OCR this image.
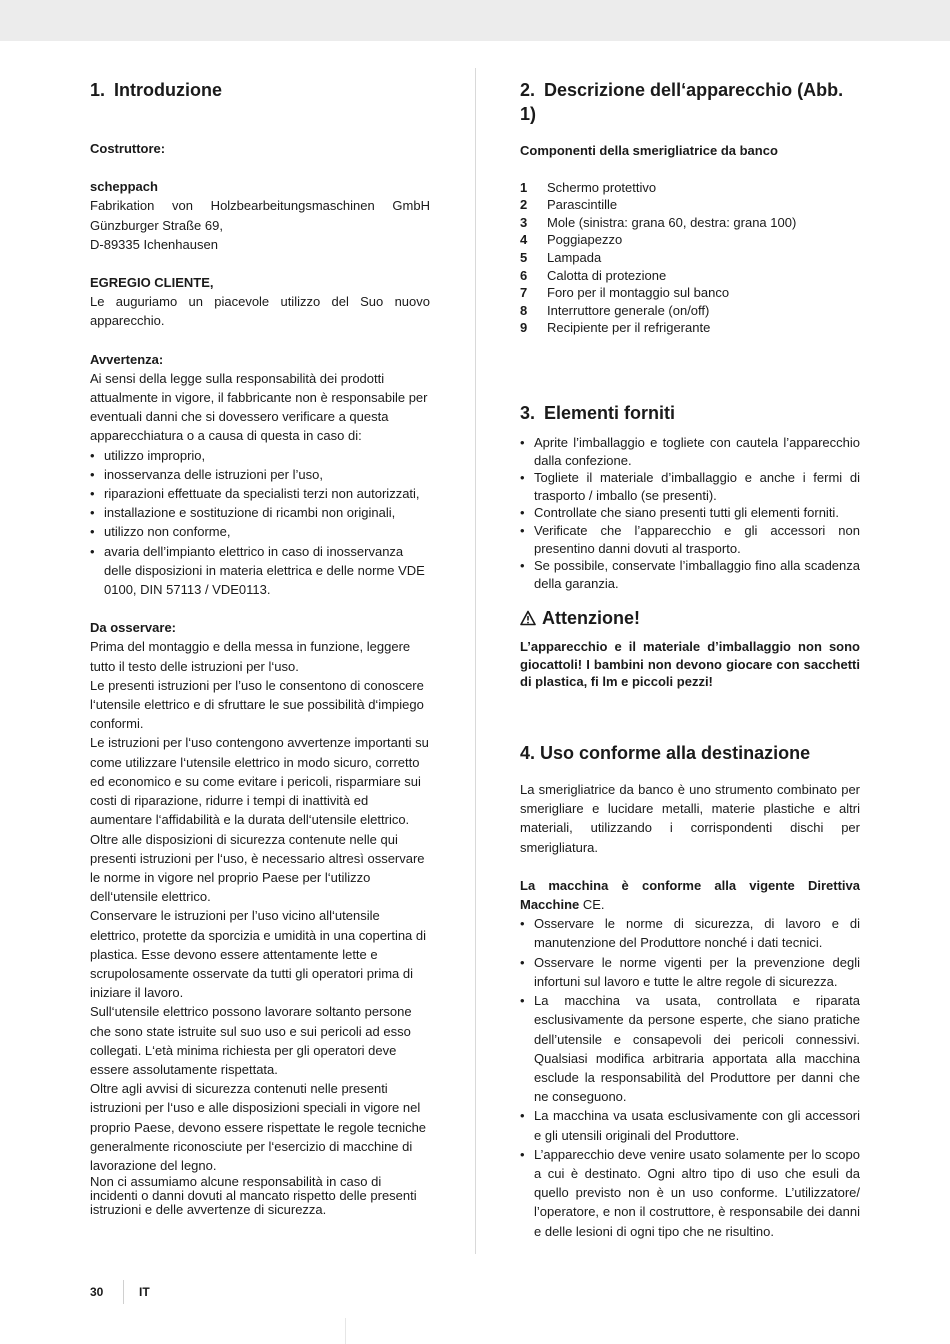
1. Introduzione

Costruttore:

scheppach

Fabrikation von Holzbearbeitungsmaschinen GmbH

Günzburger Straße 69,

D-89335 Ichenhausen

EGREGIO CLIENTE,

Le auguriamo un piacevole utilizzo del Suo nuovo apparecchio.

Avvertenza:

Ai sensi della legge sulla responsabilità dei prodotti attualmente in vigore, il fabbricante non è responsabile per eventuali danni che si dovessero verificare a questa apparecchiatura o a causa di questa in caso di:

• utilizzo improprio,
• inosservanza delle istruzioni per l’uso,
• riparazioni effettuate da specialisti terzi non autorizzati,
• installazione e sostituzione di ricambi non originali,
• utilizzo non conforme,
• avaria dell’impianto elettrico in caso di inosservanza delle disposizioni in materia elettrica e delle norme VDE 0100, DIN 57113 / VDE0113.

Da osservare:

Prima del montaggio e della messa in funzione, leggere tutto il testo delle istruzioni per l‘uso.

Le presenti istruzioni per l’uso le consentono di conoscere l‘utensile elettrico e di sfruttare le sue possibilità d‘impiego conformi.

Le istruzioni per l‘uso contengono avvertenze importanti su come utilizzare l‘utensile elettrico in modo sicuro, corretto ed economico e su come evitare i pericoli, risparmiare sui costi di riparazione, ridurre i tempi di inattività ed aumentare l‘affidabilità e la durata dell‘utensile elettrico.

Oltre alle disposizioni di sicurezza contenute nelle qui presenti istruzioni per l‘uso, è necessario altresì osservare le norme in vigore nel proprio Paese per l‘utilizzo dell‘utensile elettrico.

Conservare le istruzioni per l’uso vicino all‘utensile elettrico, protette da sporcizia e umidità in una copertina di plastica. Esse devono essere attentamente lette e scrupolosamente osservate da tutti gli operatori prima di iniziare il lavoro.

Sull‘utensile elettrico possono lavorare soltanto persone che sono state istruite sul suo uso e sui pericoli ad esso collegati. L‘età minima richiesta per gli operatori deve essere assolutamente rispettata.

Oltre agli avvisi di sicurezza contenuti nelle presenti istruzioni per l‘uso e alle disposizioni speciali in vigore nel proprio Paese, devono essere rispettate le regole tecniche generalmente riconosciute per l‘esercizio di macchine di lavorazione del legno.

Non ci assumiamo alcune responsabilità in caso di incidenti o danni dovuti al mancato rispetto delle presenti istruzioni e delle avvertenze di sicurezza.

2. Descrizione dell‘apparecchio (Abb. 1)

Componenti della smerigliatrice da banco

1	Schermo protettivo
2	Parascintille
3	Mole (sinistra: grana 60, destra: grana 100)
4	Poggiapezzo
5	Lampada
6	Calotta di protezione
7	Foro per il montaggio sul banco
8	Interruttore generale (on/off)
9	Recipiente per il refrigerante
3. Elementi forniti
• Aprite l’imballaggio e togliete con cautela l’apparecchio dalla confezione.
• Togliete il materiale d’imballaggio e anche i fermi di trasporto / imballo (se presenti).
• Controllate che siano presenti tutti gli elementi forniti.
• Verificate che l’apparecchio e gli accessori non presentino danni dovuti al trasporto.
• Se possibile, conservate l’imballaggio fino alla scadenza della garanzia.
Attenzione!

L’apparecchio e il materiale d’imballaggio non sono giocattoli! I bambini non devono giocare con sacchetti di plastica, fi lm e piccoli pezzi!

4. Uso conforme alla destinazione

La smerigliatrice da banco è uno strumento combinato per smerigliare e lucidare metalli, materie plastiche e altri materiali, utilizzando i corrispondenti dischi per smerigliatura.

La macchina è conforme alla vigente Direttiva Macchine CE.

• Osservare le norme di sicurezza, di lavoro e di manutenzione del Produttore nonché i dati tecnici.
• Osservare le norme vigenti per la prevenzione degli infortuni sul lavoro e tutte le altre regole di sicurezza.
• La macchina va usata, controllata e riparata esclusivamente da persone esperte, che siano pratiche dell’utensile e consapevoli dei pericoli connessivi. Qualsiasi modifica arbitraria apportata alla macchina esclude la responsabilità del Produttore per danni che ne conseguono.
• La macchina va usata esclusivamente con gli accessori e gli utensili originali del Produttore.
• L’apparecchio deve venire usato solamente per lo scopo a cui è destinato. Ogni altro tipo di uso che esuli da quello previsto non è un uso conforme. L’utilizzatore/ l’operatore, e non il costruttore, è responsabile dei danni e delle lesioni di ogni tipo che ne risultino.
30	IT
